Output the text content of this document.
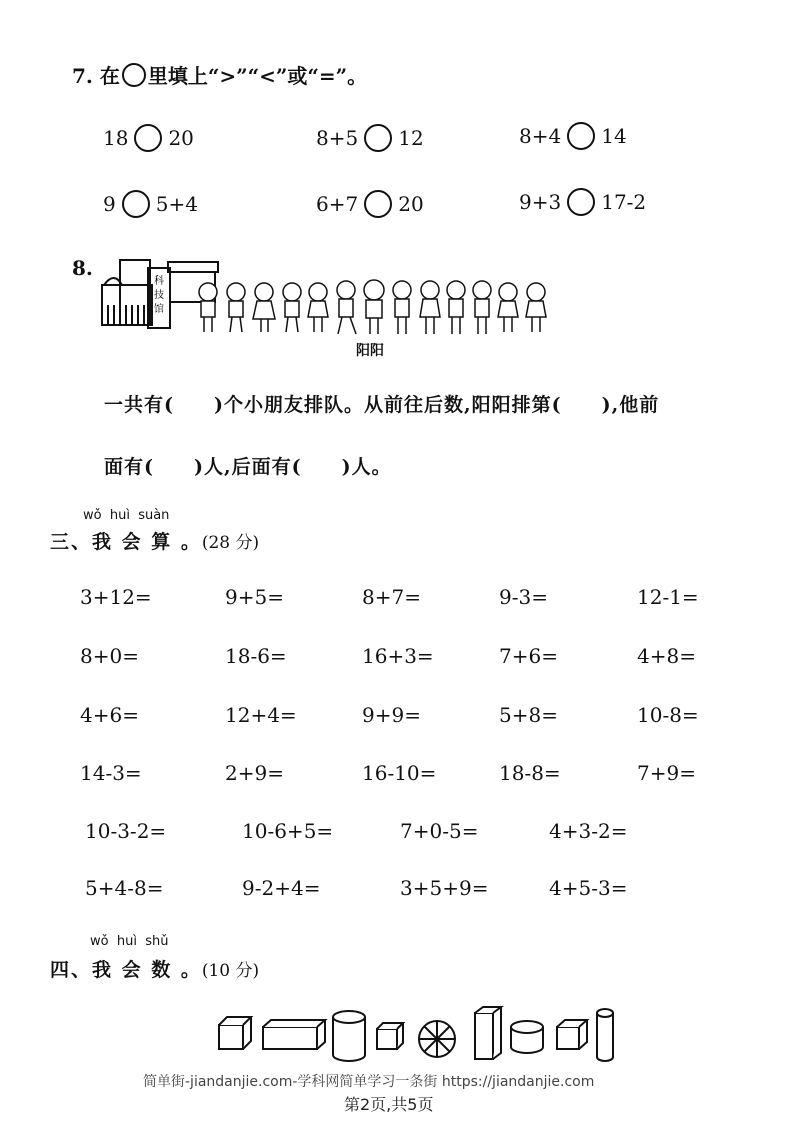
7. 在 里填上“>”“<”或“=”。
18 20	8+5 12	8+4 14
9 5+4	6+7 20	9+3 17-2
8.
科
技
馆
阳阳
一共有( )个小朋友排队。从前往后数,阳阳排第( ),他前
面有( )人,后面有( )人。
wǒ  huì  suàn
三、我 会 算 。(28 分)
3+12=	9+5=	8+7=	9-3=	12-1=
8+0=	18-6=	16+3=	7+6=	4+8=
4+6=	12+4=	9+9=	5+8=	10-8=
14-3=	2+9=	16-10=	18-8=	7+9=
10-3-2=	10-6+5=	7+0-5=	4+3-2=
5+4-8=	9-2+4=	3+5+9=	4+5-3=
wǒ  huì  shǔ
四、我 会 数 。(10 分)
简单街-jiandanjie.com-学科网简单学习一条街 https://jiandanjie.com
第2页,共5页
